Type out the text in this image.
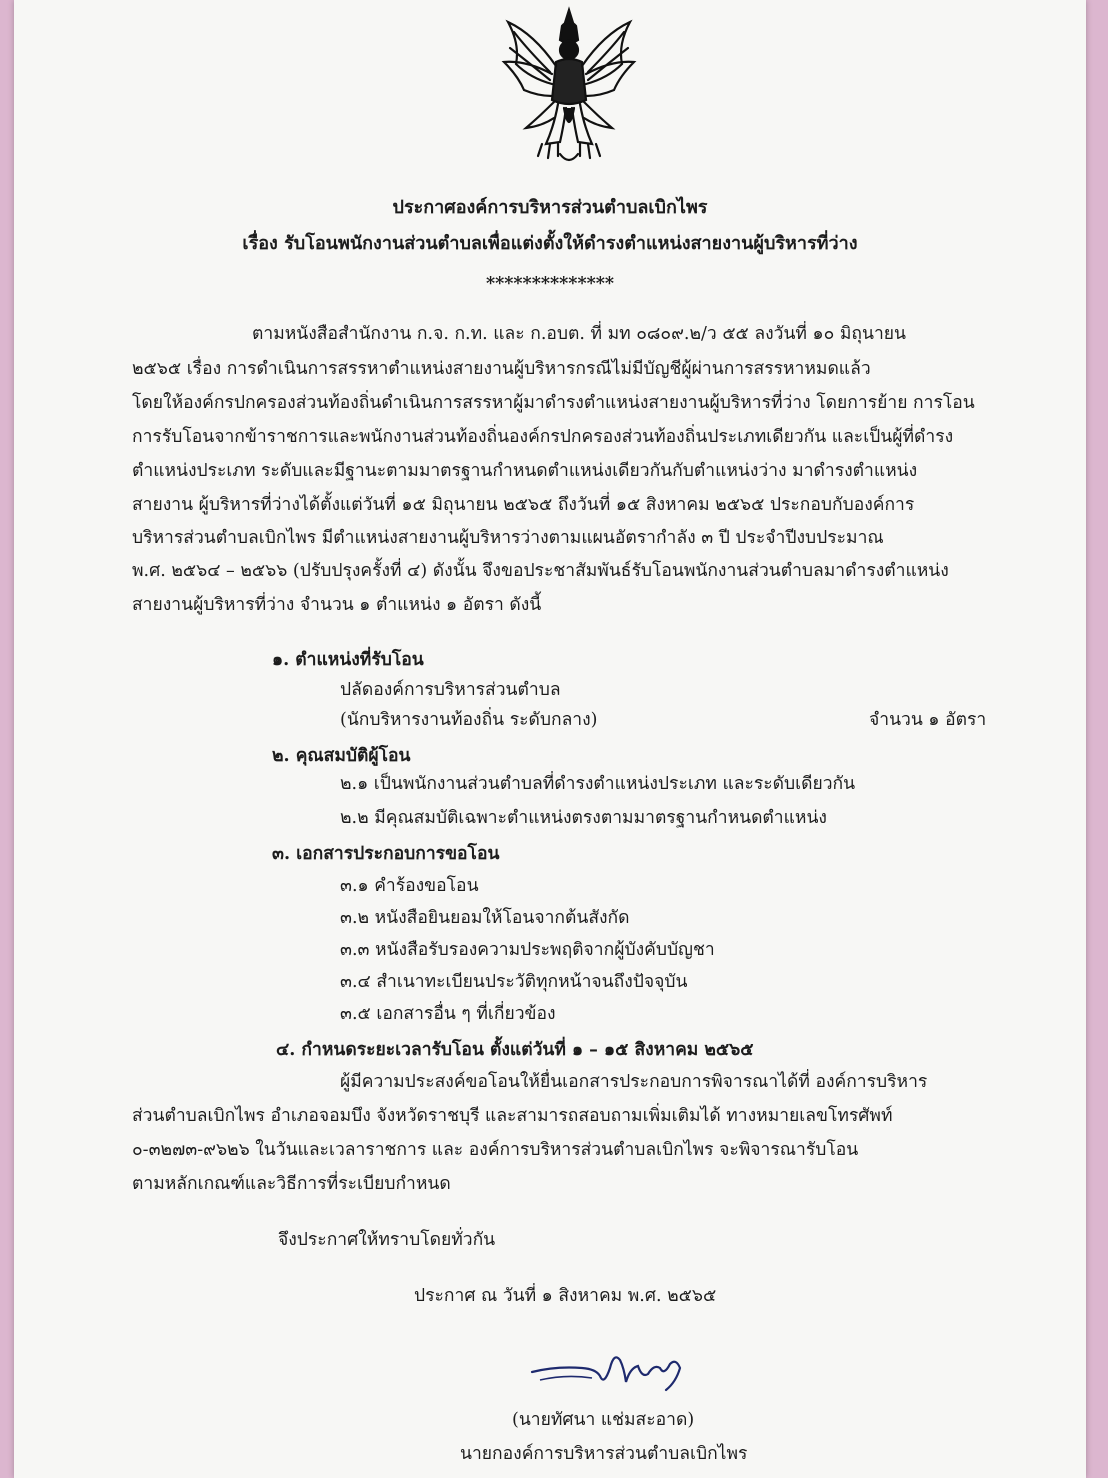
ประกาศองค์การบริหารส่วนตำบลเบิกไพร
เรื่อง รับโอนพนักงานส่วนตำบลเพื่อแต่งตั้งให้ดำรงตำแหน่งสายงานผู้บริหารที่ว่าง
**************
ตามหนังสือสำนักงาน ก.จ. ก.ท. และ ก.อบต. ที่ มท ๐๘๐๙.๒/ว ๕๕ ลงวันที่ ๑๐ มิถุนายน
๒๕๖๕ เรื่อง การดำเนินการสรรหาตำแหน่งสายงานผู้บริหารกรณีไม่มีบัญชีผู้ผ่านการสรรหาหมดแล้ว
โดยให้องค์กรปกครองส่วนท้องถิ่นดำเนินการสรรหาผู้มาดำรงตำแหน่งสายงานผู้บริหารที่ว่าง โดยการย้าย การโอน
การรับโอนจากข้าราชการและพนักงานส่วนท้องถิ่นองค์กรปกครองส่วนท้องถิ่นประเภทเดียวกัน และเป็นผู้ที่ดำรง
ตำแหน่งประเภท ระดับและมีฐานะตามมาตรฐานกำหนดตำแหน่งเดียวกันกับตำแหน่งว่าง มาดำรงตำแหน่ง
สายงาน ผู้บริหารที่ว่างได้ตั้งแต่วันที่ ๑๕ มิถุนายน ๒๕๖๕ ถึงวันที่ ๑๕ สิงหาคม ๒๕๖๕ ประกอบกับองค์การ
บริหารส่วนตำบลเบิกไพร มีตำแหน่งสายงานผู้บริหารว่างตามแผนอัตรากำลัง ๓ ปี ประจำปีงบประมาณ
พ.ศ. ๒๕๖๔ – ๒๕๖๖ (ปรับปรุงครั้งที่ ๔) ดังนั้น จึงขอประชาสัมพันธ์รับโอนพนักงานส่วนตำบลมาดำรงตำแหน่ง
สายงานผู้บริหารที่ว่าง จำนวน ๑ ตำแหน่ง ๑ อัตรา ดังนี้
๑. ตำแหน่งที่รับโอน
ปลัดองค์การบริหารส่วนตำบล
(นักบริหารงานท้องถิ่น ระดับกลาง)	จำนวน ๑ อัตรา
๒. คุณสมบัติผู้โอน
๒.๑ เป็นพนักงานส่วนตำบลที่ดำรงตำแหน่งประเภท และระดับเดียวกัน
๒.๒ มีคุณสมบัติเฉพาะตำแหน่งตรงตามมาตรฐานกำหนดตำแหน่ง
๓. เอกสารประกอบการขอโอน
๓.๑ คำร้องขอโอน
๓.๒ หนังสือยินยอมให้โอนจากต้นสังกัด
๓.๓ หนังสือรับรองความประพฤติจากผู้บังคับบัญชา
๓.๔ สำเนาทะเบียนประวัติทุกหน้าจนถึงปัจจุบัน
๓.๕ เอกสารอื่น ๆ ที่เกี่ยวข้อง
๔. กำหนดระยะเวลารับโอน ตั้งแต่วันที่ ๑ – ๑๕ สิงหาคม ๒๕๖๕
ผู้มีความประสงค์ขอโอนให้ยื่นเอกสารประกอบการพิจารณาได้ที่ องค์การบริหาร
ส่วนตำบลเบิกไพร อำเภอจอมบึง จังหวัดราชบุรี และสามารถสอบถามเพิ่มเติมได้ ทางหมายเลขโทรศัพท์
๐-๓๒๗๓-๙๖๒๖ ในวันและเวลาราชการ และ องค์การบริหารส่วนตำบลเบิกไพร จะพิจารณารับโอน
ตามหลักเกณฑ์และวิธีการที่ระเบียบกำหนด
จึงประกาศให้ทราบโดยทั่วกัน
ประกาศ ณ วันที่ ๑ สิงหาคม พ.ศ. ๒๕๖๕
(นายทัศนา แช่มสะอาด)
นายกองค์การบริหารส่วนตำบลเบิกไพร
